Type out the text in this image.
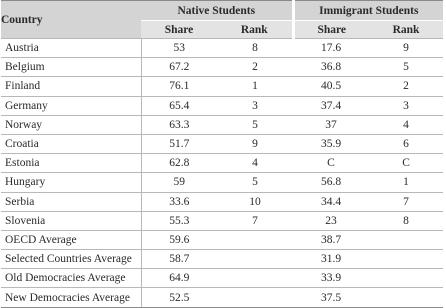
Country	Native Students		Immigrant Students	
	Share	Rank	Share	Rank
Austria	53	8	17.6	9
Belgium	67.2	2	36.8	5
Finland	76.1	1	40.5	2
Germany	65.4	3	37.4	3
Norway	63.3	5	37	4
Croatia	51.7	9	35.9	6
Estonia	62.8	4	C	C
Hungary	59	5	56.8	1
Serbia	33.6	10	34.4	7
Slovenia	55.3	7	23	8
OECD Average	59.6		38.7	
Selected Countries Average	58.7		31.9	
Old Democracies Average	64.9		33.9	
New Democracies Average	52.5		37.5	
